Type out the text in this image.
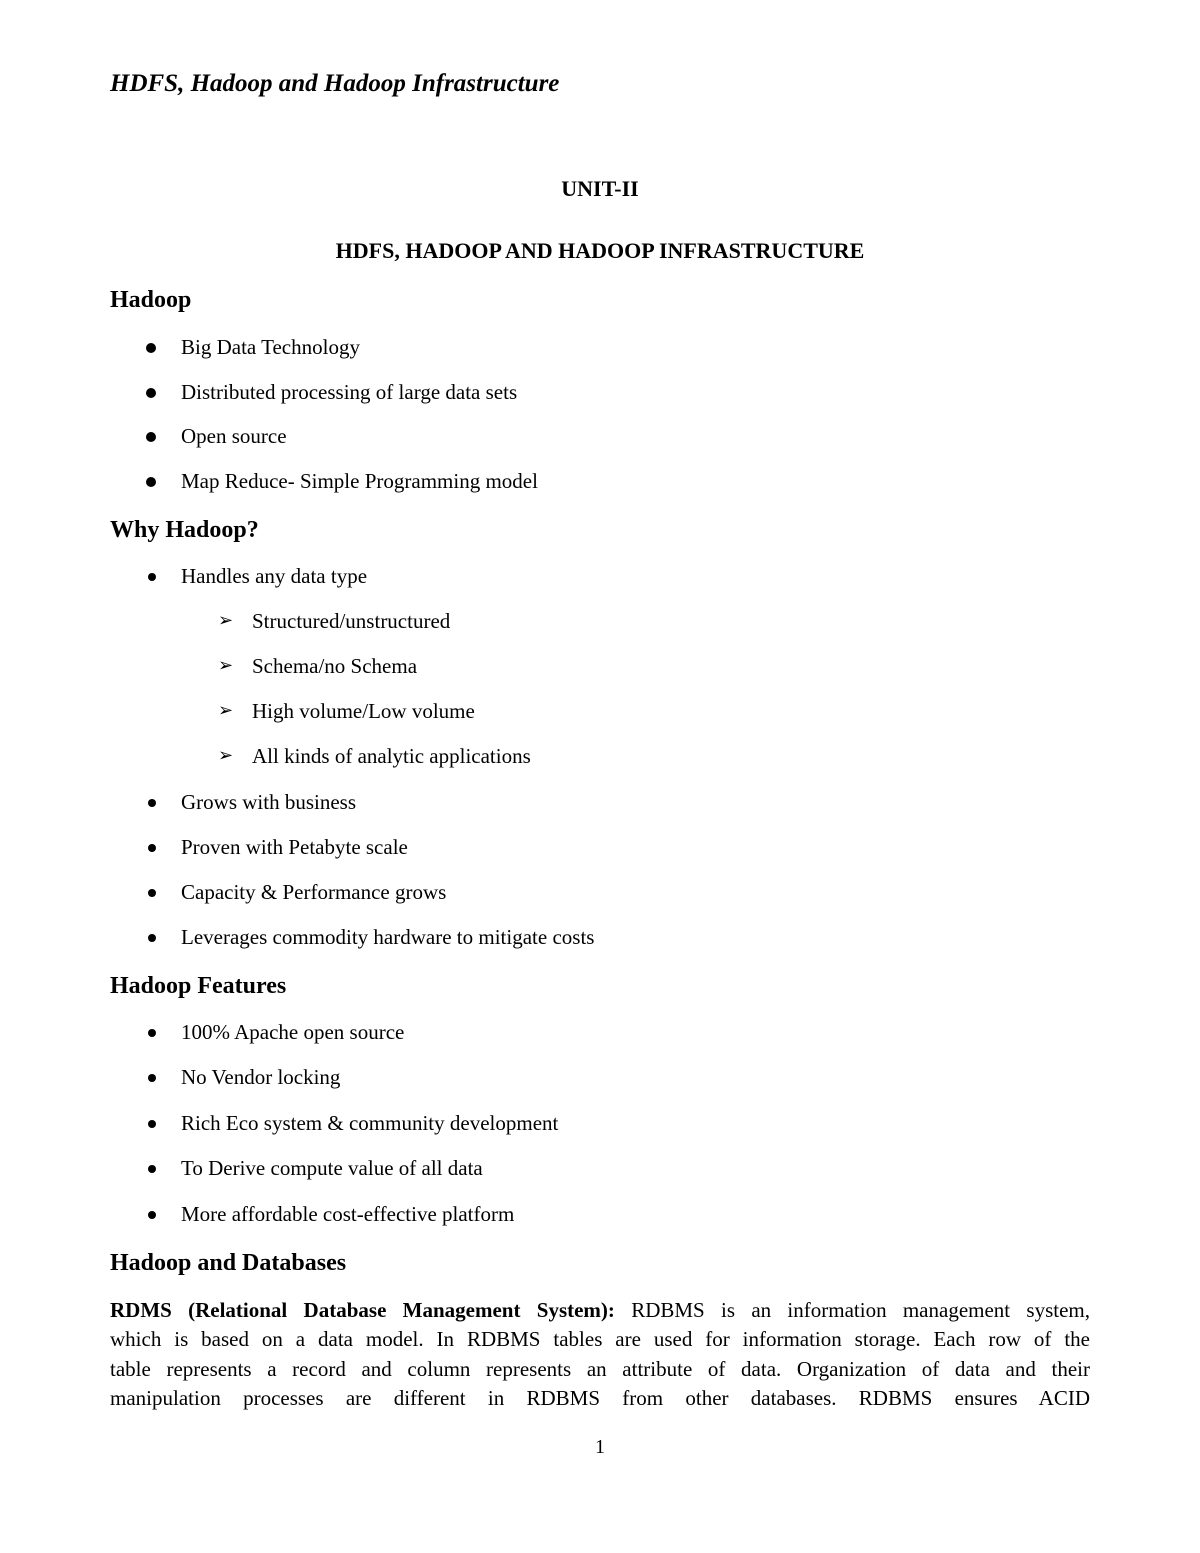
HDFS, Hadoop and Hadoop Infrastructure
UNIT-II
HDFS, HADOOP AND HADOOP INFRASTRUCTURE
Hadoop
Big Data Technology
Distributed processing of large data sets
Open source
Map Reduce- Simple Programming model
Why Hadoop?
Handles any data type
➢ Structured/unstructured
➢ Schema/no Schema
➢ High volume/Low volume
➢ All kinds of analytic applications
Grows with business
Proven with Petabyte scale
Capacity & Performance grows
Leverages commodity hardware to mitigate costs
Hadoop Features
100% Apache open source
No Vendor locking
Rich Eco system & community development
To Derive compute value of all data
More affordable cost-effective platform
Hadoop and Databases
RDMS (Relational Database Management System): RDBMS is an information management system,
which is based on a data model. In RDBMS tables are used for information storage. Each row of the
table represents a record and column represents an attribute of data. Organization of data and their
manipulation processes are different in RDBMS from other databases. RDBMS ensures ACID
1
